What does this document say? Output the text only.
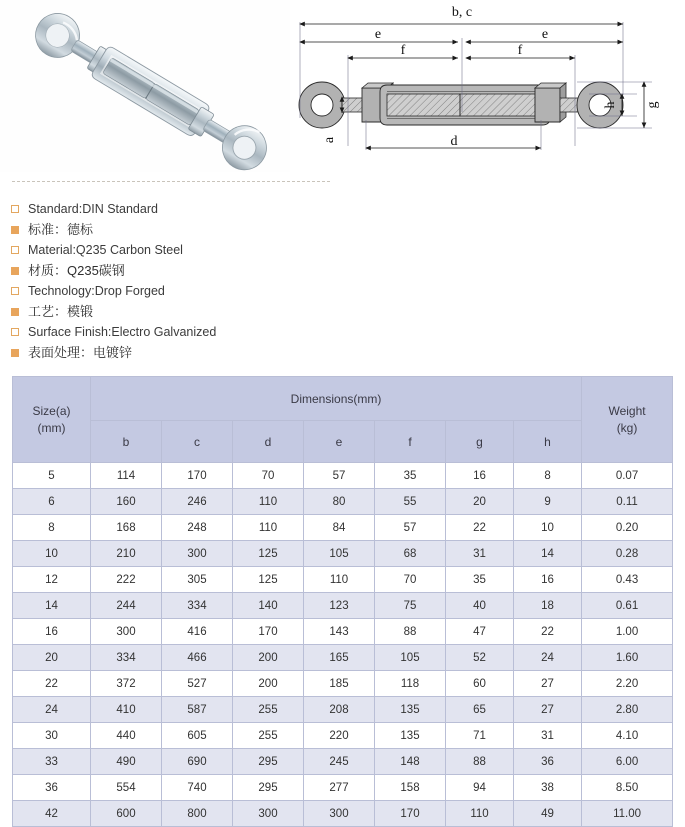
b, c
e	e
f	f
d
a
g
h
Standard:DIN Standard
标准：德标
Material:Q235 Carbon Steel
材质：Q235碳钢
Technology:Drop Forged
工艺：模锻
Surface Finish:Electro Galvanized
表面处理：电镀锌
Size(a)
(mm)
	Dimensions(mm)	
Weight
(kg)

	b	c	d	e	f	g	h	
5	114	170	70	57	35	16	8	0.07
6	160	246	110	80	55	20	9	0.11
8	168	248	110	84	57	22	10	0.20
10	210	300	125	105	68	31	14	0.28
12	222	305	125	110	70	35	16	0.43
14	244	334	140	123	75	40	18	0.61
16	300	416	170	143	88	47	22	1.00
20	334	466	200	165	105	52	24	1.60
22	372	527	200	185	118	60	27	2.20
24	410	587	255	208	135	65	27	2.80
30	440	605	255	220	135	71	31	4.10
33	490	690	295	245	148	88	36	6.00
36	554	740	295	277	158	94	38	8.50
42	600	800	300	300	170	110	49	11.00
